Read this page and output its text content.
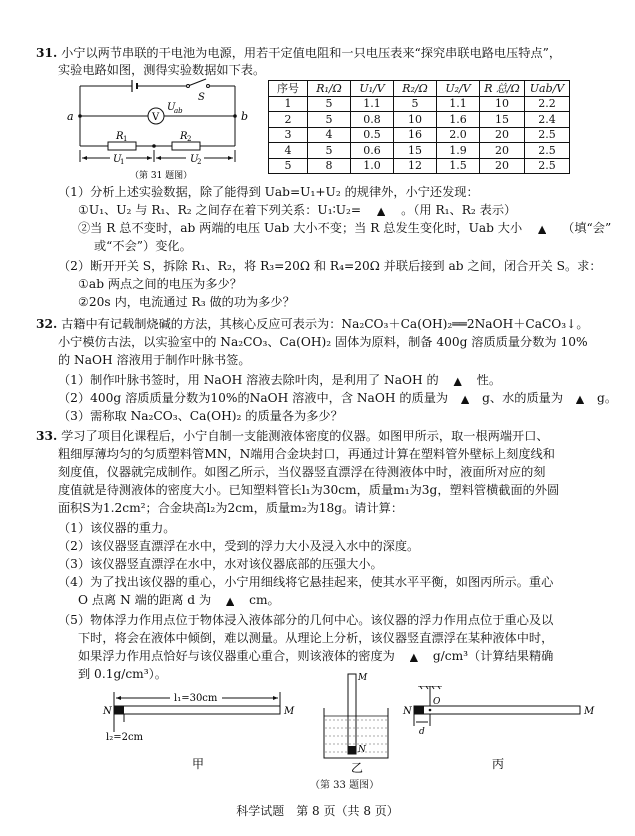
31. 小宁以两节串联的干电池为电源，用若干定值电阻和一只电压表来“探究串联电路电压特点”，
实验电路如图，测得实验数据如下表。
S
V
U
ab
a	b
R 1	R 2
U
1	U
2
（第 31 题图）
序号	R₁/Ω	U₁/V	R₂/Ω	U₂/V	R 总/Ω	Uab/V
1	5	1.1	5	1.1	10	2.2
2	5	0.8	10	1.6	15	2.4
3	4	0.5	16	2.0	20	2.5
4	5	0.6	15	1.9	20	2.5
5	8	1.0	12	1.5	20	2.5
（1）分析上述实验数据，除了能得到 Uab=U₁+U₂ 的规律外，小宁还发现：
①U₁、U₂ 与 R₁、R₂ 之间存在着下列关系：U₁∶U₂= ▲ 。（用 R₁、R₂ 表示）
②当 R 总不变时，ab 两端的电压 Uab 大小不变；当 R 总发生变化时，Uab 大小 ▲ （填“会”
或“不会”）变化。
（2）断开开关 S，拆除 R₁、R₂，将 R₃=20Ω 和 R₄=20Ω 并联后接到 ab 之间，闭合开关 S。求：
①ab 两点之间的电压为多少？
②20s 内，电流通过 R₃ 做的功为多少？
32. 古籍中有记载制烧碱的方法，其核心反应可表示为：Na₂CO₃＋Ca(OH)₂══2NaOH＋CaCO₃↓。
小宁模仿古法，以实验室中的 Na₂CO₃、Ca(OH)₂ 固体为原料，制备 400g 溶质质量分数为 10%
的 NaOH 溶液用于制作叶脉书签。
（1）制作叶脉书签时，用 NaOH 溶液去除叶肉，是利用了 NaOH 的 ▲ 性。
（2）400g 溶质质量分数为10%的NaOH 溶液中，含 NaOH 的质量为 ▲ g、水的质量为 ▲ g。
（3）需称取 Na₂CO₃、Ca(OH)₂ 的质量各为多少？
33. 学习了项目化课程后，小宁自制一支能测液体密度的仪器。如图甲所示，取一根两端开口、
粗细厚薄均匀的匀质塑料管MN，N端用合金块封口，再通过计算在塑料管外壁标上刻度线和
刻度值，仪器就完成制作。如图乙所示，当仪器竖直漂浮在待测液体中时，液面所对应的刻
度值就是待测液体的密度大小。已知塑料管长l₁为30cm，质量m₁为3g，塑料管横截面的外圆
面积S为1.2cm²；合金块高l₂为2cm，质量m₂为18g。请计算：
（1）该仪器的重力。
（2）该仪器竖直漂浮在水中，受到的浮力大小及浸入水中的深度。
（3）该仪器竖直漂浮在水中，水对该仪器底部的压强大小。
（4）为了找出该仪器的重心，小宁用细线将它悬挂起来，使其水平平衡，如图丙所示。重心
O 点离 N 端的距离 d 为 ▲ cm。
（5）物体浮力作用点位于物体浸入液体部分的几何中心。该仪器的浮力作用点位于重心及以
下时，将会在液体中倾倒，难以测量。从理论上分析，该仪器竖直漂浮在某种液体中时，
如果浮力作用点恰好与该仪器重心重合，则该液体的密度为 ▲ g/cm³（计算结果精确
到 0.1g/cm³）。
l₁=30cm
N	M
l₂=2cm
甲
M
N
乙
（第 33 题图）
O
N	M
d
丙
科学试题　第 8 页（共 8 页）
